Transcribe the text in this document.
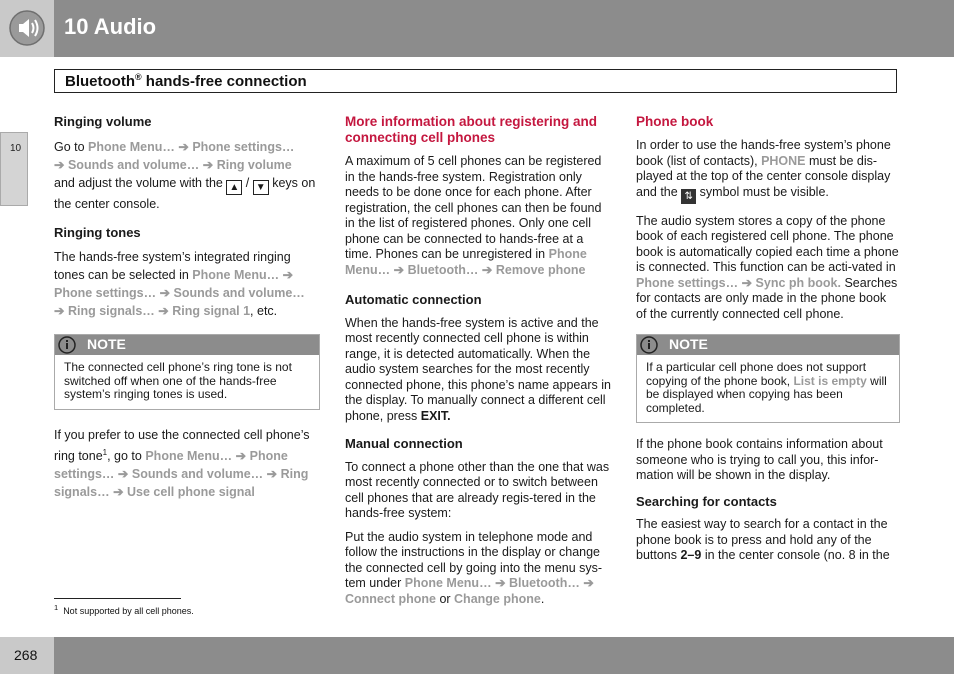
10 Audio
Bluetooth® hands-free connection
10

Ringing volume

Go to Phone Menu… ➔ Phone settings…
➔ Sounds and volume… ➔ Ring volume
and adjust the volume with the ▲ / ▼ keys on the center console.

Ringing tones

The hands-free system’s integrated ringing tones can be selected in Phone Menu… ➔
Phone settings… ➔ Sounds and volume…
➔ Ring signals… ➔ Ring signal 1, etc.

NOTE
The connected cell phone’s ring tone is not switched off when one of the hands-free system’s ringing tones is used.

If you prefer to use the connected cell phone’s ring tone$^1$, go to Phone Menu… ➔ Phone settings… ➔ Sounds and volume… ➔ Ring signals… ➔ Use cell phone signal

More information about registering and connecting cell phones

A maximum of 5 cell phones can be registered in the hands-free system. Registration only needs to be done once for each phone. After registration, the cell phones can then be found in the list of registered phones. Only one cell phone can be connected to hands-free at a time. Phones can be unregistered in Phone Menu… ➔ Bluetooth… ➔ Remove phone

Automatic connection

When the hands-free system is active and the most recently connected cell phone is within range, it is detected automatically. When the audio system searches for the most recently connected phone, this phone’s name appears in the display. To manually connect a different cell phone, press EXIT.

Manual connection

To connect a phone other than the one that was most recently connected or to switch between cell phones that are already regis-tered in the hands-free system:

Put the audio system in telephone mode and follow the instructions in the display or change the connected cell by going into the menu sys-tem under Phone Menu… ➔ Bluetooth… ➔
Connect phone or Change phone.

Phone book

In order to use the hands-free system’s phone book (list of contacts), PHONE must be dis-played at the top of the center console display and the ⇅ symbol must be visible.

The audio system stores a copy of the phone book of each registered cell phone. The phone book is automatically copied each time a phone is connected. This function can be acti-vated in Phone settings… ➔ Sync ph book. Searches for contacts are only made in the phone book of the currently connected cell phone.

NOTE
If a particular cell phone does not support copying of the phone book, List is empty will be displayed when copying has been completed.

If the phone book contains information about someone who is trying to call you, this infor-mation will be shown in the display.

Searching for contacts

The easiest way to search for a contact in the phone book is to press and hold any of the buttons 2–9 in the center console (no. 8 in the

$^1$ Not supported by all cell phones.
268
